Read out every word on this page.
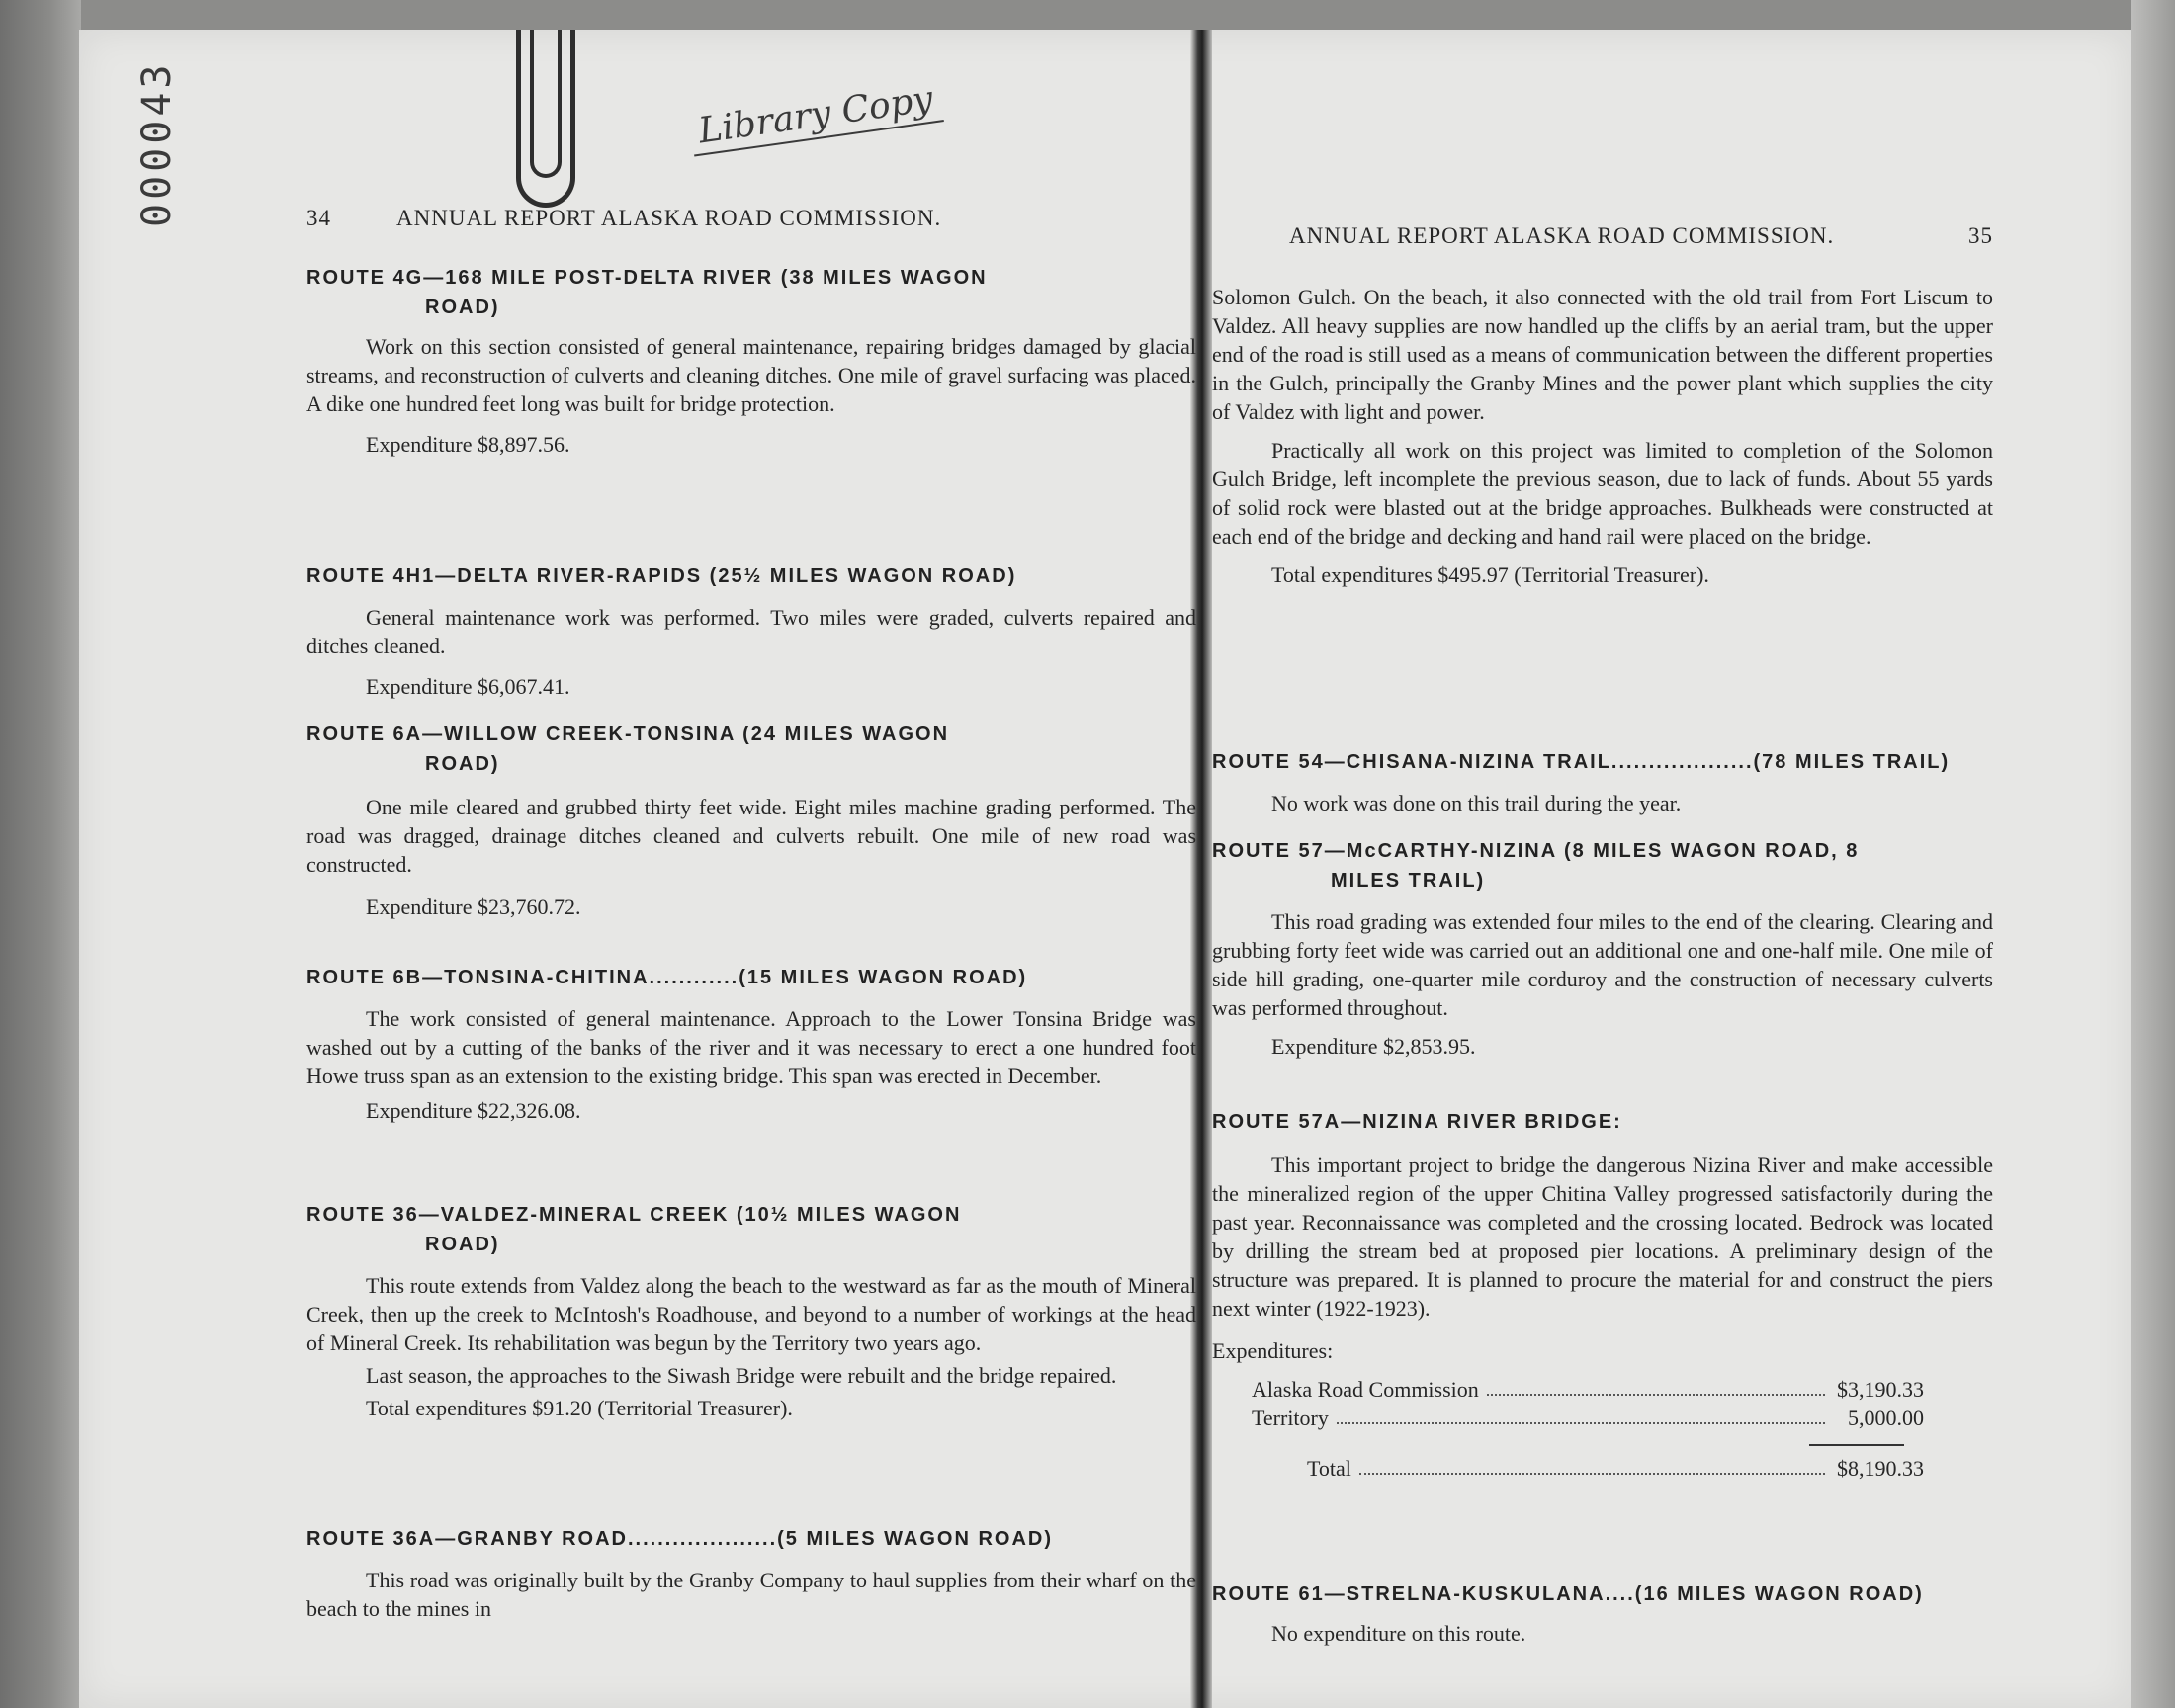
Library Copy
34	ANNUAL REPORT ALASKA ROAD COMMISSION.
ROUTE 4G—168 MILE POST-DELTA RIVER (38 MILES WAGON
ROAD)
Work on this section consisted of general maintenance, repairing bridges damaged by glacial streams, and reconstruction of culverts and cleaning ditches. One mile of gravel surfacing was placed. A dike one hundred feet long was built for bridge protection.
Expenditure $8,897.56.
ROUTE 4H1—DELTA RIVER-RAPIDS (25½ MILES WAGON ROAD)
General maintenance work was performed. Two miles were graded, culverts repaired and ditches cleaned.
Expenditure $6,067.41.
ROUTE 6A—WILLOW CREEK-TONSINA (24 MILES WAGON
ROAD)
One mile cleared and grubbed thirty feet wide. Eight miles machine grading performed. The road was dragged, drainage ditches cleaned and culverts rebuilt. One mile of new road was constructed.
Expenditure $23,760.72.
ROUTE 6B—TONSINA-CHITINA............(15 MILES WAGON ROAD)
The work consisted of general maintenance. Approach to the Lower Tonsina Bridge was washed out by a cutting of the banks of the river and it was necessary to erect a one hundred foot Howe truss span as an extension to the existing bridge. This span was erected in December.
Expenditure $22,326.08.
ROUTE 36—VALDEZ-MINERAL CREEK (10½ MILES WAGON
ROAD)
This route extends from Valdez along the beach to the westward as far as the mouth of Mineral Creek, then up the creek to McIntosh's Roadhouse, and beyond to a number of workings at the head of Mineral Creek. Its rehabilitation was begun by the Territory two years ago.
Last season, the approaches to the Siwash Bridge were rebuilt and the bridge repaired.
Total expenditures $91.20 (Territorial Treasurer).
ROUTE 36A—GRANBY ROAD....................(5 MILES WAGON ROAD)
This road was originally built by the Granby Company to haul supplies from their wharf on the beach to the mines in
ANNUAL REPORT ALASKA ROAD COMMISSION.	35
Solomon Gulch. On the beach, it also connected with the old trail from Fort Liscum to Valdez. All heavy supplies are now handled up the cliffs by an aerial tram, but the upper end of the road is still used as a means of communication between the different properties in the Gulch, principally the Granby Mines and the power plant which supplies the city of Valdez with light and power.
Practically all work on this project was limited to completion of the Solomon Gulch Bridge, left incomplete the previous season, due to lack of funds. About 55 yards of solid rock were blasted out at the bridge approaches. Bulkheads were constructed at each end of the bridge and decking and hand rail were placed on the bridge.
Total expenditures $495.97 (Territorial Treasurer).
ROUTE 54—CHISANA-NIZINA TRAIL...................(78 MILES TRAIL)
No work was done on this trail during the year.
ROUTE 57—McCARTHY-NIZINA (8 MILES WAGON ROAD, 8
MILES TRAIL)
This road grading was extended four miles to the end of the clearing. Clearing and grubbing forty feet wide was carried out an additional one and one-half mile. One mile of side hill grading, one-quarter mile corduroy and the construction of necessary culverts was performed throughout.
Expenditure $2,853.95.
ROUTE 57A—NIZINA RIVER BRIDGE:
This important project to bridge the dangerous Nizina River and make accessible the mineralized region of the upper Chitina Valley progressed satisfactorily during the past year. Reconnaissance was completed and the crossing located. Bedrock was located by drilling the stream bed at proposed pier locations. A preliminary design of the structure was prepared. It is planned to procure the material for and construct the piers next winter (1922-1923).
Expenditures:
Alaska Road Commission	$3,190.33
Territory	5,000.00
Total	$8,190.33
ROUTE 61—STRELNA-KUSKULANA....(16 MILES WAGON ROAD)
No expenditure on this route.
000043
